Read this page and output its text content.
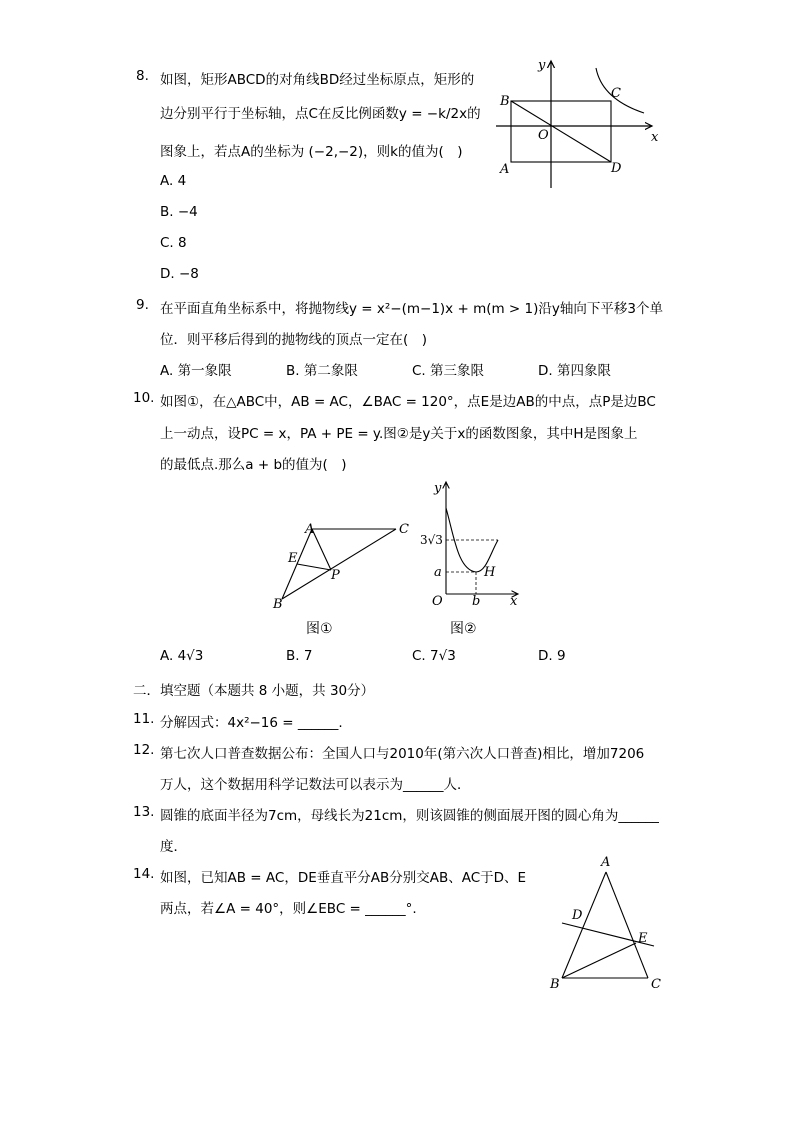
8. 如图，矩形ABCD的对角线BD经过坐标原点，矩形的
边分别平行于坐标轴，点C在反比例函数y = −k/2x的
图象上，若点A的坐标为 (−2,−2)，则k的值为(　)
A. 4
B. −4
C. 8
D. −8
y
x
B
C
O
A	D
9. 在平面直角坐标系中，将抛物线y = x²−(m−1)x + m(m > 1)沿y轴向下平移3个单
位．则平移后得到的抛物线的顶点一定在(　)
A. 第一象限	B. 第二象限	C. 第三象限	D. 第四象限
10. 如图①，在△ABC中，AB = AC，∠BAC = 120°，点E是边AB的中点，点P是边BC
上一动点，设PC = x，PA + PE = y.图②是y关于x的函数图象，其中H是图象上
的最低点.那么a + b的值为(　)
A	C
E
P
B
图①
y
x
O
3√3
a	H
b
图②
A. 4√3	B. 7	C. 7√3	D. 9
二．填空题（本题共 8 小题，共 30分）
11. 分解因式：4x²−16 = ______.
12. 第七次人口普查数据公布：全国人口与2010年(第六次人口普查)相比，增加7206
万人，这个数据用科学记数法可以表示为______人．
13. 圆锥的底面半径为7cm，母线长为21cm，则该圆锥的侧面展开图的圆心角为______
度．
14. 如图，已知AB = AC，DE垂直平分AB分别交AB、AC于D、E
两点，若∠A = 40°，则∠EBC = ______°.
A
D
E
B	C
